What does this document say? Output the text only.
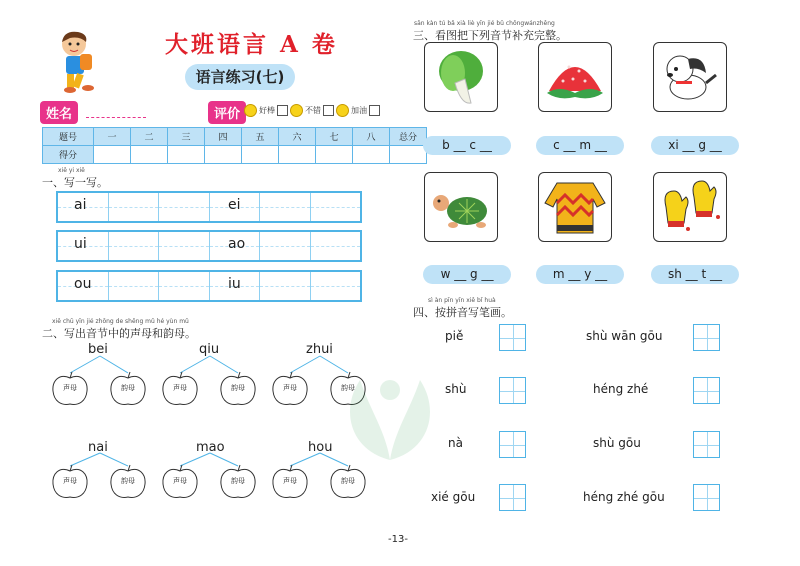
大班语言 A 卷
语言练习(七)
姓名	评价	好棒	不错	加油
题号	一	二	三	四	五	六	七	八	总分
得分									
xiě yi xiě
一、写一写。
ai	ei
ui	ao
ou	iu
xiě chū yīn jié zhōng de shēng mǔ hé yùn mǔ
二、写出音节中的声母和韵母。
bei	qiu	zhui
nai	mao	hou
声母	韵母	声母	韵母	声母	韵母
声母	韵母	声母	韵母	声母	韵母
sān kàn tú bǎ xià liè yīn jié bǔ chōngwánzhěng
三、看图把下列音节补充完整。
b __ c __	c __ m __	xi __ g __
w __ g __	m __ y __	sh __ t __
sì àn pīn yīn xiě bǐ huà
四、按拼音写笔画。
piě	shù wān gōu
shù	héng zhé
nà	shù gōu
xié gōu	héng zhé gōu
-13-
